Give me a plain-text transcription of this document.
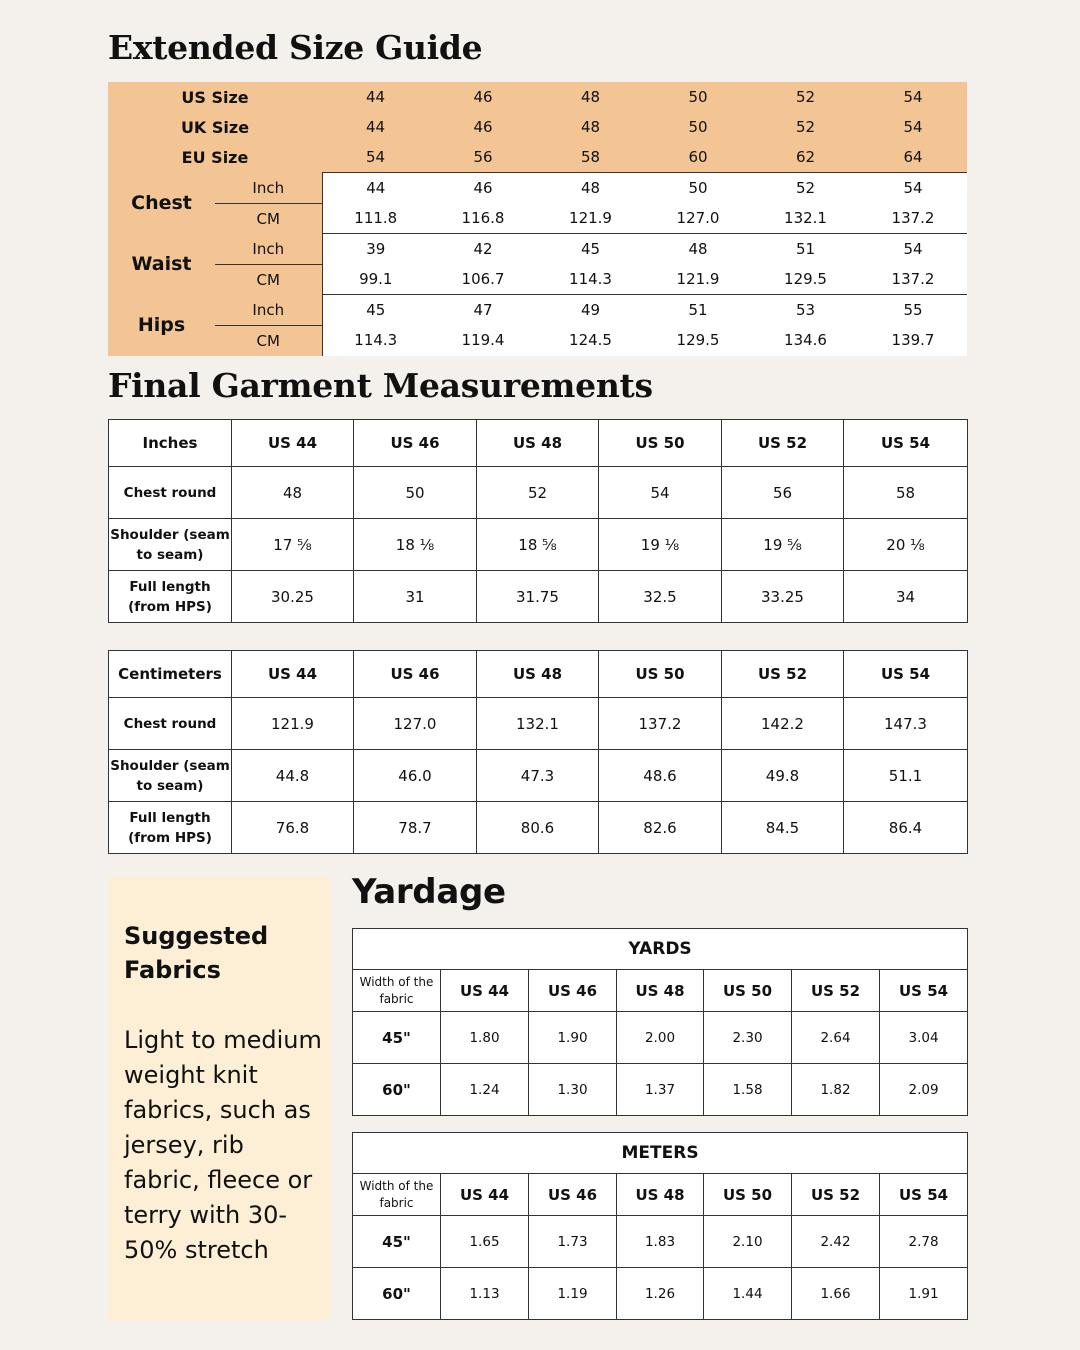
Extended Size Guide
US Size		44	46	48	50	52	54
UK Size		44	46	48	50	52	54
EU Size		54	56	58	60	62	64
Chest	Inch	44	46	48	50	52	54
	CM	111.8	116.8	121.9	127.0	132.1	137.2
Waist	Inch	39	42	45	48	51	54
	CM	99.1	106.7	114.3	121.9	129.5	137.2
Hips	Inch	45	47	49	51	53	55
	CM	114.3	119.4	124.5	129.5	134.6	139.7
Final Garment Measurements
Inches	US 44	US 46	US 48	US 50	US 52	US 54
Chest round	48	50	52	54	56	58
Shoulder (seam to seam)	17 ⅝	18 ⅛	18 ⅝	19 ⅛	19 ⅝	20 ⅛
Full length (from HPS)	30.25	31	31.75	32.5	33.25	34
Centimeters	US 44	US 46	US 48	US 50	US 52	US 54
Chest round	121.9	127.0	132.1	137.2	142.2	147.3
Shoulder (seam to seam)	44.8	46.0	47.3	48.6	49.8	51.1
Full length (from HPS)	76.8	78.7	80.6	82.6	84.5	86.4
Suggested Fabrics

Light to medium weight knit fabrics, such as jersey, rib fabric, fleece or terry with 30-50% stretch

Yardage
YARDS						
Width of the fabric	US 44	US 46	US 48	US 50	US 52	US 54
45"	1.80	1.90	2.00	2.30	2.64	3.04
60"	1.24	1.30	1.37	1.58	1.82	2.09
METERS						
Width of the fabric	US 44	US 46	US 48	US 50	US 52	US 54
45"	1.65	1.73	1.83	2.10	2.42	2.78
60"	1.13	1.19	1.26	1.44	1.66	1.91
